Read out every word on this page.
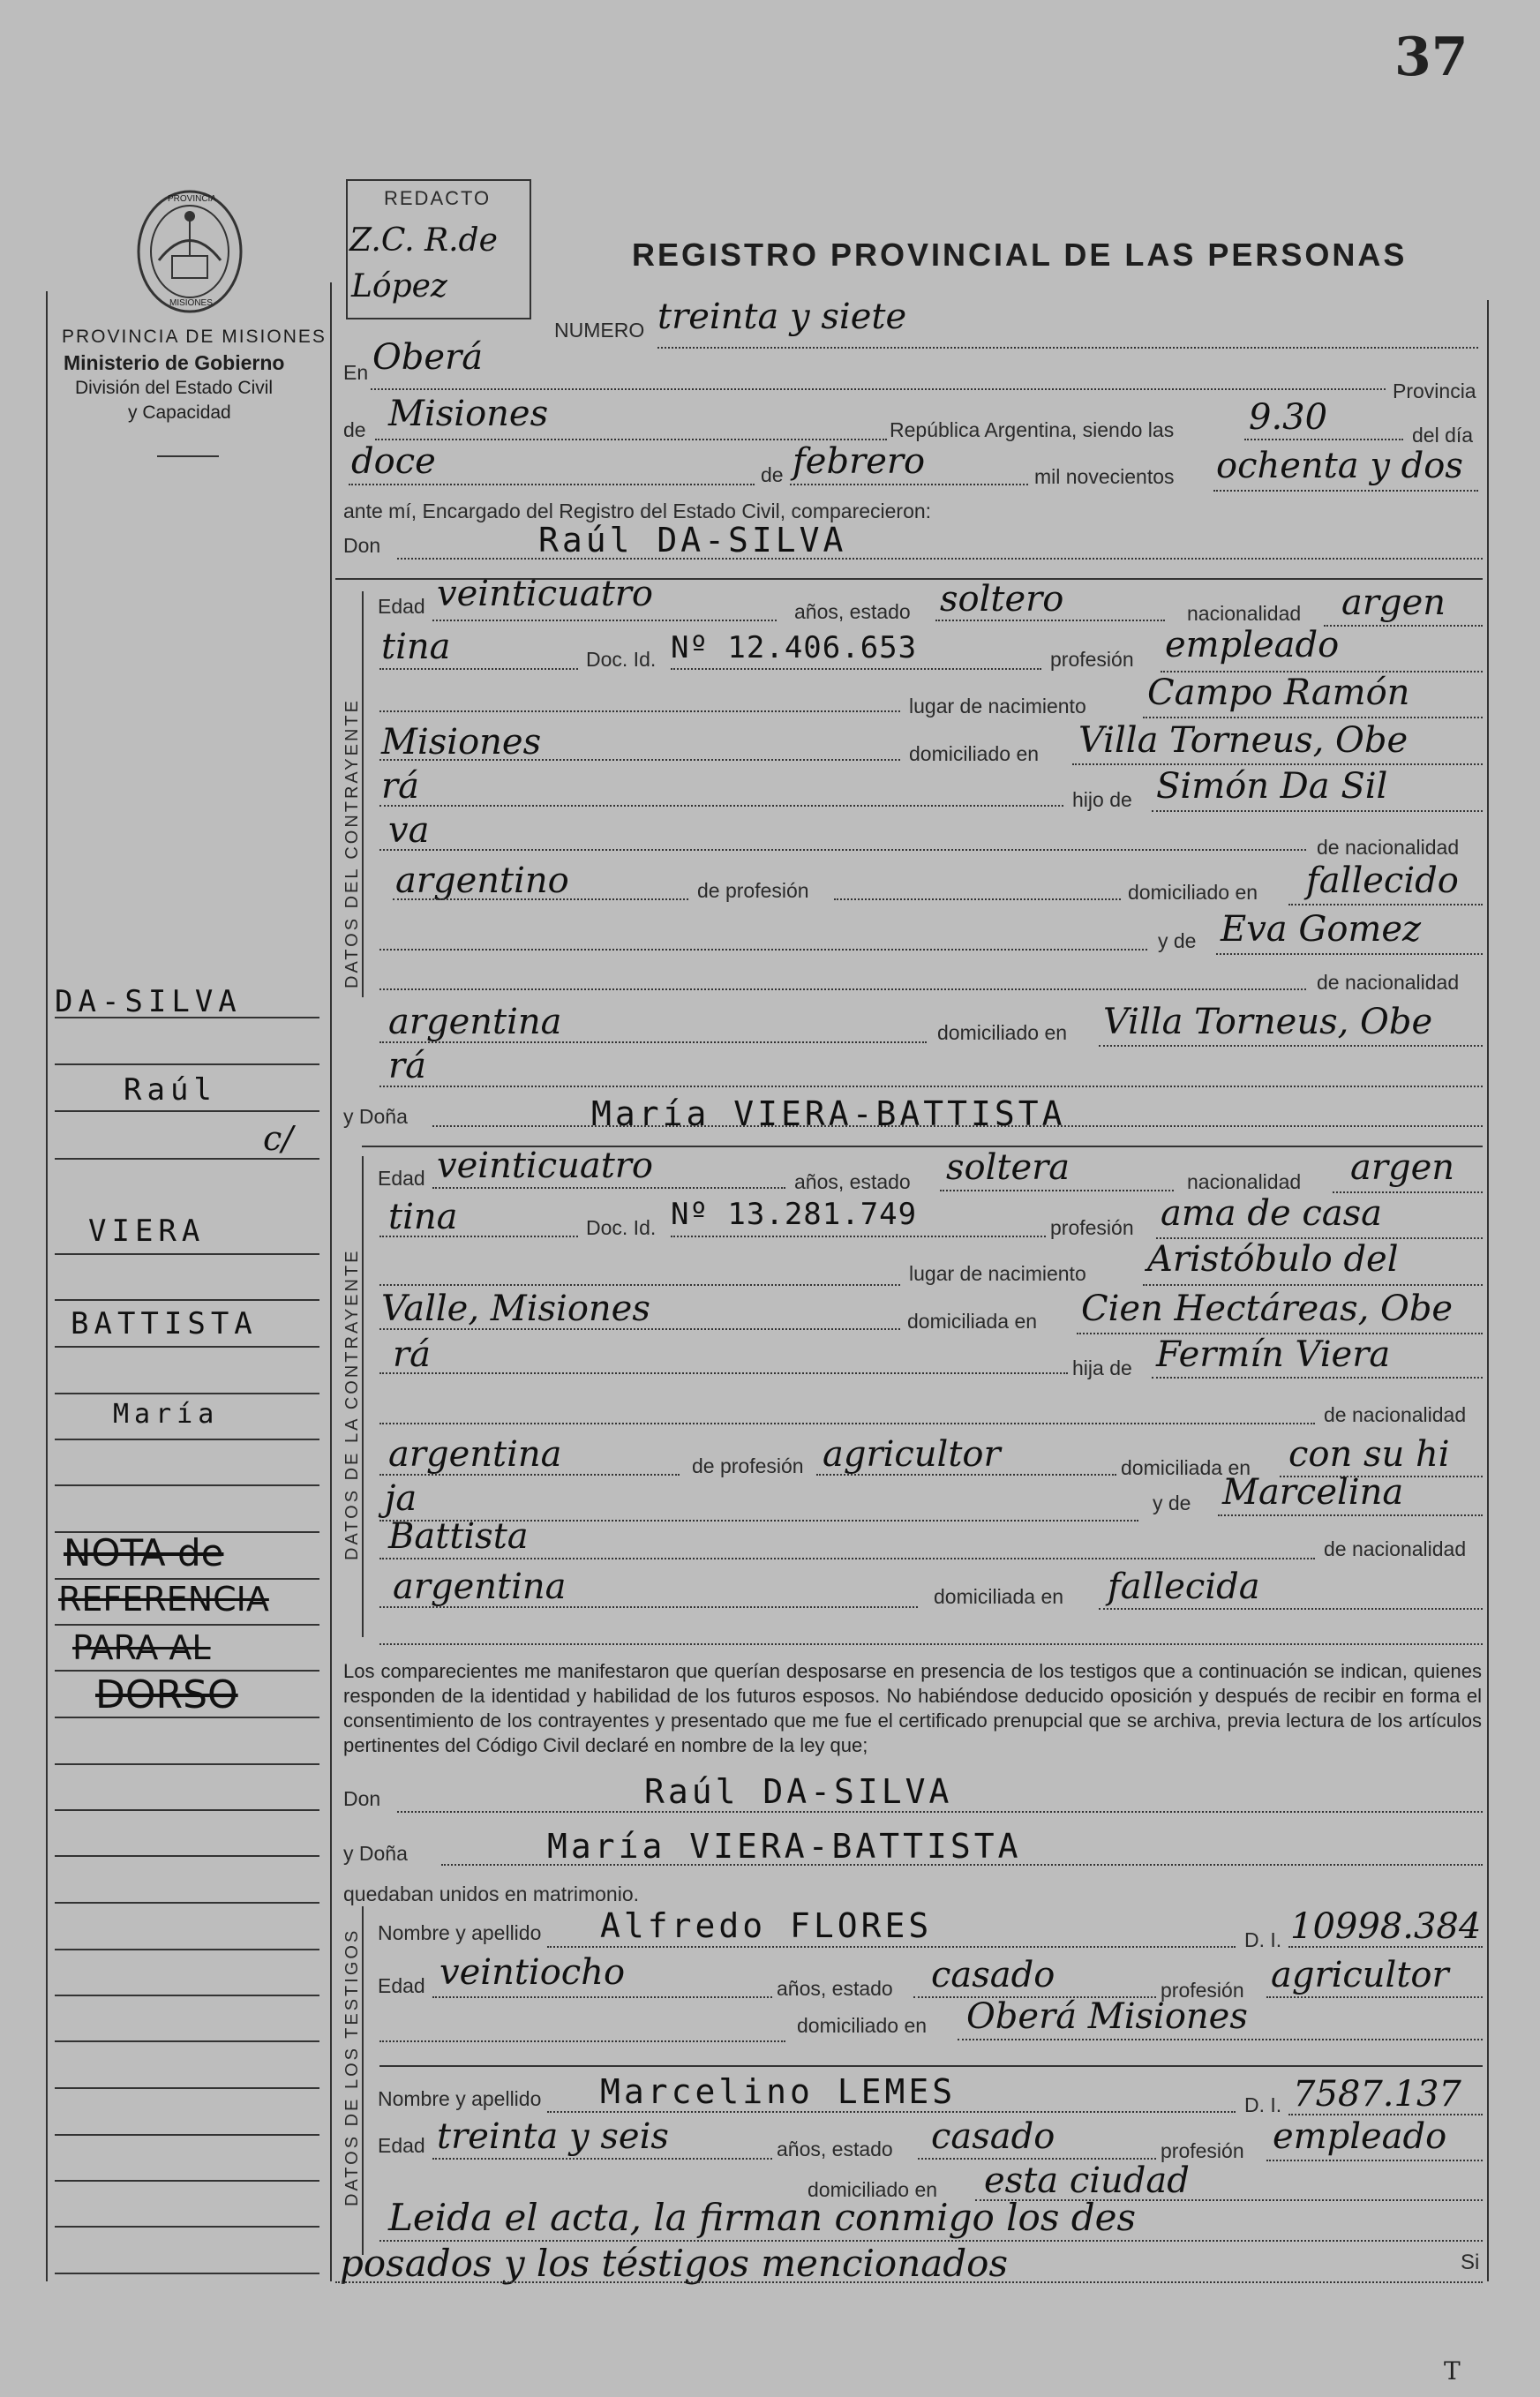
37
PROVINCIA
MISIONES
PROVINCIA DE MISIONES
Ministerio de Gobierno
División del Estado Civil
y Capacidad
REDACTO
Z.C. R.de
López
REGISTRO PROVINCIAL DE LAS PERSONAS
NUMERO treinta y siete
En Oberá
Provincia
de Misiones	República Argentina, siendo las 9.30	del día
doce	de febrero	mil novecientos ochenta y dos
ante mí, Encargado del Registro del Estado Civil, comparecieron:
Don	Raúl DA-SILVA
DATOS DEL CONTRAYENTE
Edad veinticuatro	años, estado soltero	nacionalidad argen
tina	Doc. Id. Nº 12.406.653	profesión empleado
lugar de nacimiento Campo Ramón
Misiones	domiciliado en Villa Torneus, Obe
rá	hijo de Simón Da Sil
va	de nacionalidad
argentino	de profesión	domiciliado en fallecido
y de Eva Gomez
de nacionalidad
argentina	domiciliado en Villa Torneus, Obe
rá
y Doña	María VIERA-BATTISTA
DATOS DE LA CONTRAYENTE
Edad veinticuatro	años, estado soltera	nacionalidad argen
tina	Doc. Id. Nº 13.281.749	profesión ama de casa
lugar de nacimiento Aristóbulo del
Valle, Misiones	domiciliada en Cien Hectáreas, Obe
rá	hija de Fermín Viera
de nacionalidad
argentina	de profesión agricultor	domiciliada en con su hi
ja	y de Marcelina
Battista	de nacionalidad
argentina	domiciliada en fallecida
Los comparecientes me manifestaron que querían desposarse en presencia de los testigos que a continuación se indican, quienes responden de la identidad y habilidad de los futuros esposos. No habiéndose deducido oposición y después de recibir en forma el consentimiento de los contrayentes y presentado que me fue el certificado prenupcial que se archiva, previa lectura de los artículos pertinentes del Código Civil declaré en nombre de la ley que;
Don	Raúl DA-SILVA
y Doña	María VIERA-BATTISTA
quedaban unidos en matrimonio.
DATOS DE LOS TESTIGOS Nombre y apellido Alfredo FLORES	D. I. 10998.384
Edad veintiocho	años, estado casado	profesión agricultor
domiciliado en Oberá Misiones
Nombre y apellido Marcelino LEMES	D. I. 7587.137
Edad treinta y seis	años, estado casado	profesión empleado
domiciliado en esta ciudad
Leida el acta, la firman conmigo los des
posados y los téstigos mencionados	Si
DA-SILVA
Raúl
c/
VIERA
BATTISTA
María
NOTA de
REFERENCIA
PARA AL
DORSO
T
